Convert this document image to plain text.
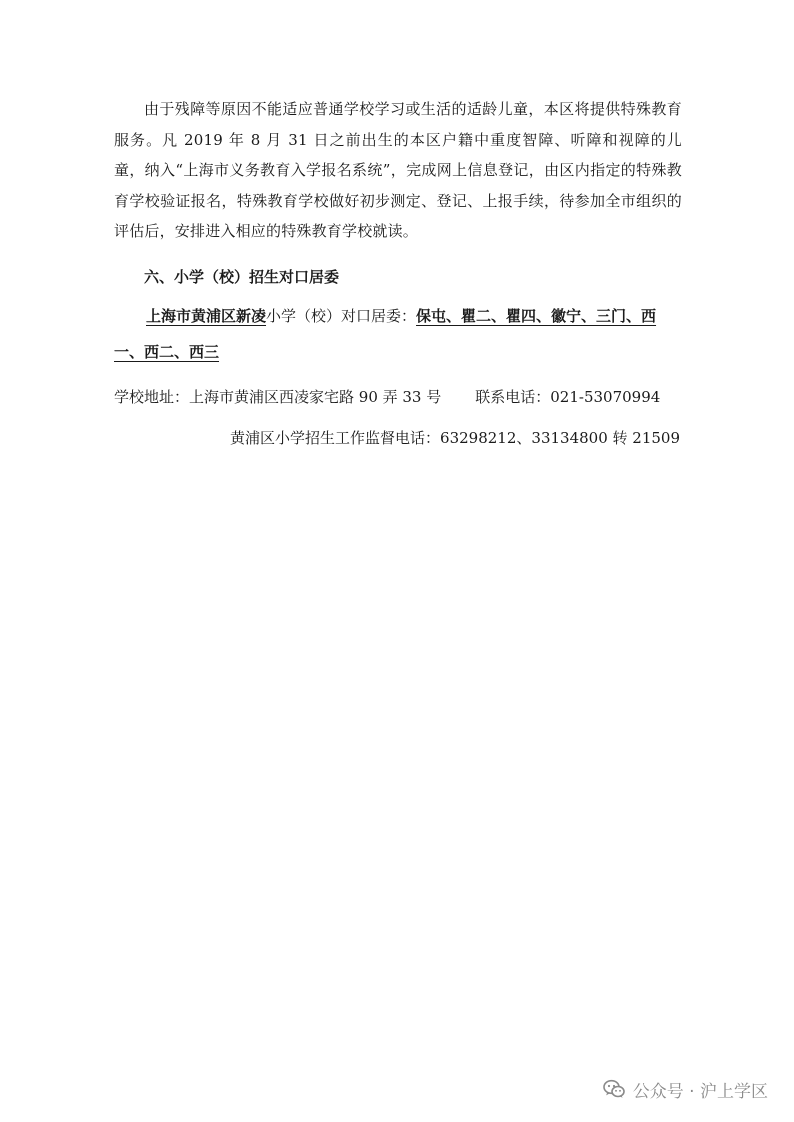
由于残障等原因不能适应普通学校学习或生活的适龄儿童，本区将提供特殊教育服务。凡 2019 年 8 月 31 日之前出生的本区户籍中重度智障、听障和视障的儿童，纳入“上海市义务教育入学报名系统”，完成网上信息登记，由区内指定的特殊教育学校验证报名，特殊教育学校做好初步测定、登记、上报手续，待参加全市组织的评估后，安排进入相应的特殊教育学校就读。

六、小学（校）招生对口居委

上海市黄浦区新凌小学（校）对口居委：保屯、瞿二、瞿四、徽宁、三门、西一、西二、西三

学校地址：上海市黄浦区西凌家宅路 90 弄 33 号 联系电话：021-53070994

黄浦区小学招生工作监督电话：63298212、33134800 转 21509

公众号 · 沪上学区
